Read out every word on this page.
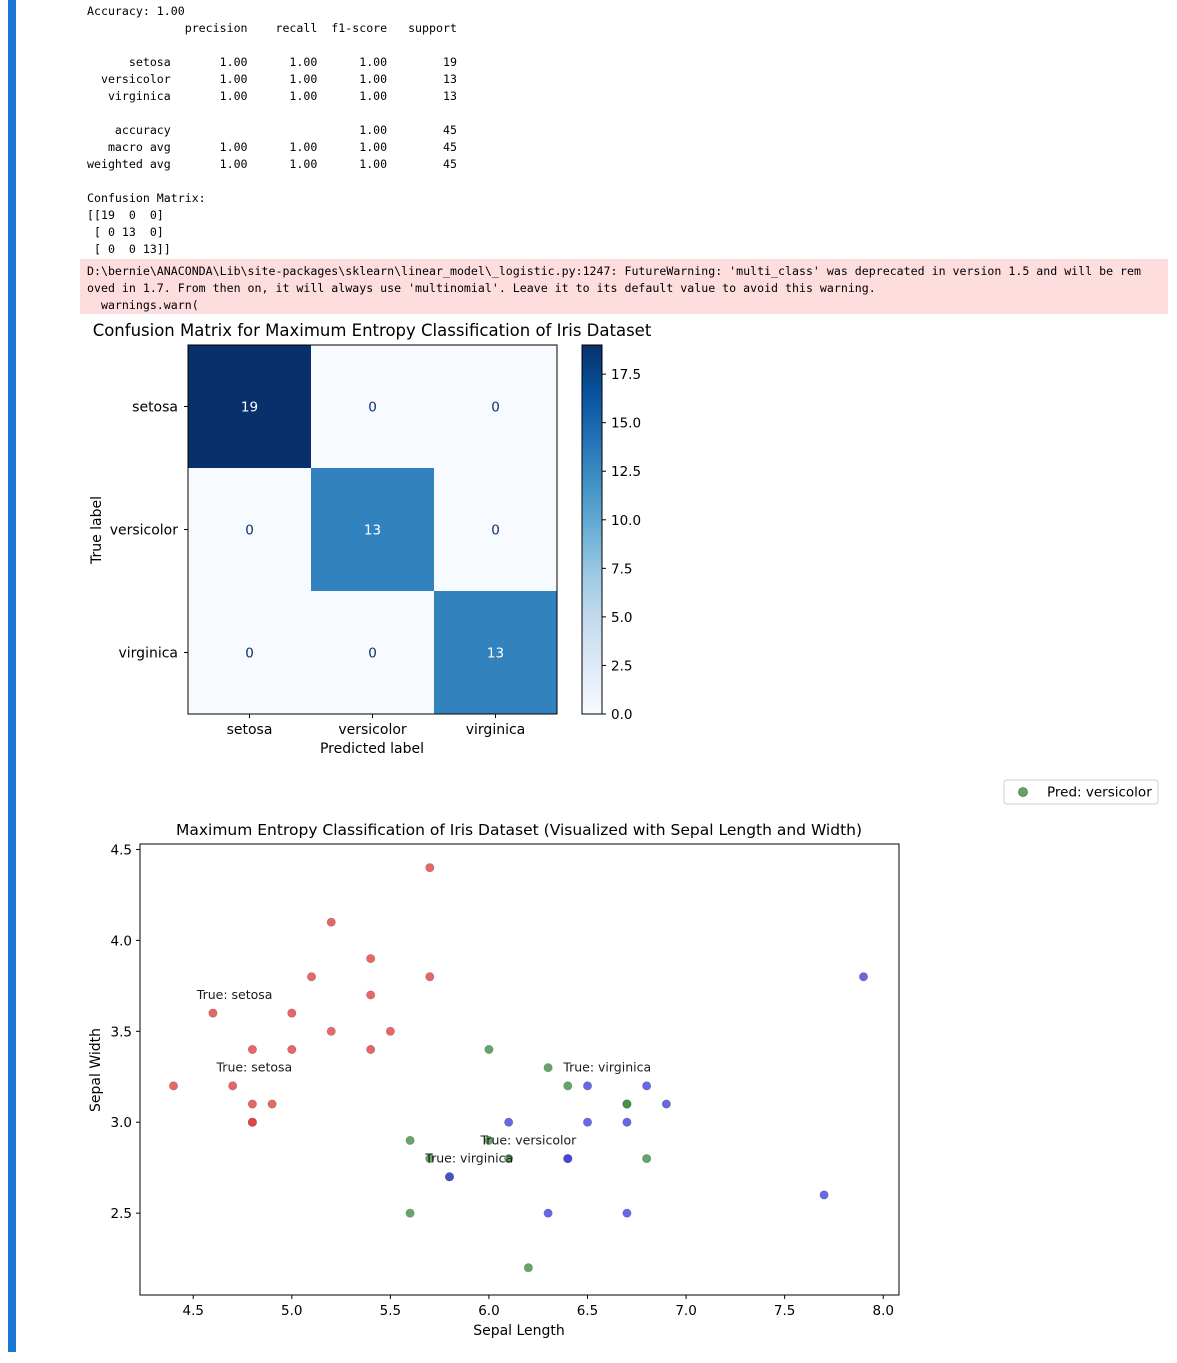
Accuracy: 1.00
precision    recall  f1-score   support

setosa       1.00      1.00      1.00        19
versicolor       1.00      1.00      1.00        13
virginica       1.00      1.00      1.00        13

accuracy                           1.00        45
macro avg       1.00      1.00      1.00        45
weighted avg       1.00      1.00      1.00        45

Confusion Matrix:
[[19  0  0]
[ 0 13  0]
[ 0  0 13]]
D:\bernie\ANACONDA\Lib\site-packages\sklearn\linear_model\_logistic.py:1247: FutureWarning: 'multi_class' was deprecated in version 1.5 and will be rem
oved in 1.7. From then on, it will always use 'multinomial'. Leave it to its default value to avoid this warning.
warnings.warn(
Confusion Matrix for Maximum Entropy Classification of Iris Dataset
19	0	0
0	13	0
0	0	13
setosa
versicolor
virginica
setosa	versicolor	virginica
Predicted label
True label
0.0
2.5
5.0
7.5
10.0
12.5
15.0
17.5
Pred: versicolor
Maximum Entropy Classification of Iris Dataset (Visualized with Sepal Length and Width)
4.5	5.0	5.5	6.0	6.5	7.0	7.5	8.0
2.5
3.0
3.5
4.0
4.5
True: setosa
True: setosa	True: virginica
True: versicolor
True: virginica
Sepal Length
Sepal Width
